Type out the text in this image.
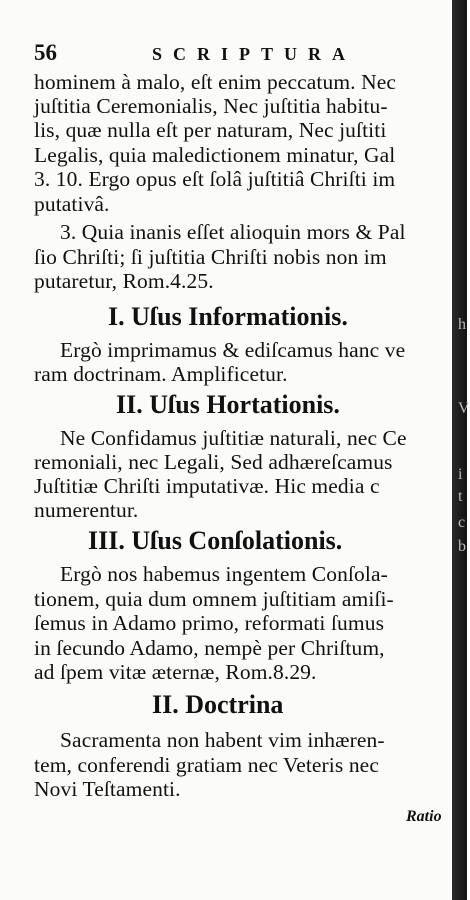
56	SCRIPTURA
hominem à malo, eſt enim peccatum. Nec
juſtitia Ceremonialis, Nec juſtitia habitu-
lis, quæ nulla eſt per naturam, Nec juſtiti
Legalis, quia maledictionem minatur, Gal
3. 10. Ergo opus eſt ſolâ juſtitiâ Chriſti im
putativâ.
3. Quia inanis eſſet alioquin mors & Pal
ſio Chriſti; ſi juſtitia Chriſti nobis non im
putaretur, Rom.4.25.
I. Uſus Informationis.
Ergò imprimamus & ediſcamus hanc ve
ram doctrinam. Amplificetur.
II. Uſus Hortationis.
Ne Confidamus juſtitiæ naturali, nec Ce
remoniali, nec Legali, Sed adhæreſcamus
Juſtitiæ Chriſti imputativæ. Hic media c
numerentur.
III. Uſus Conſolationis.
Ergò nos habemus ingentem Conſola-
tionem, quia dum omnem juſtitiam amiſi-
ſemus in Adamo primo, reformati ſumus
in ſecundo Adamo, nempè per Chriſtum,
ad ſpem vitæ æternæ, Rom.8.29.
II. Doctrina
Sacramenta non habent vim inhæren-
tem, conferendi gratiam nec Veteris nec
Novi Teſtamenti.
Ratio
h
V
i
t
c
b
